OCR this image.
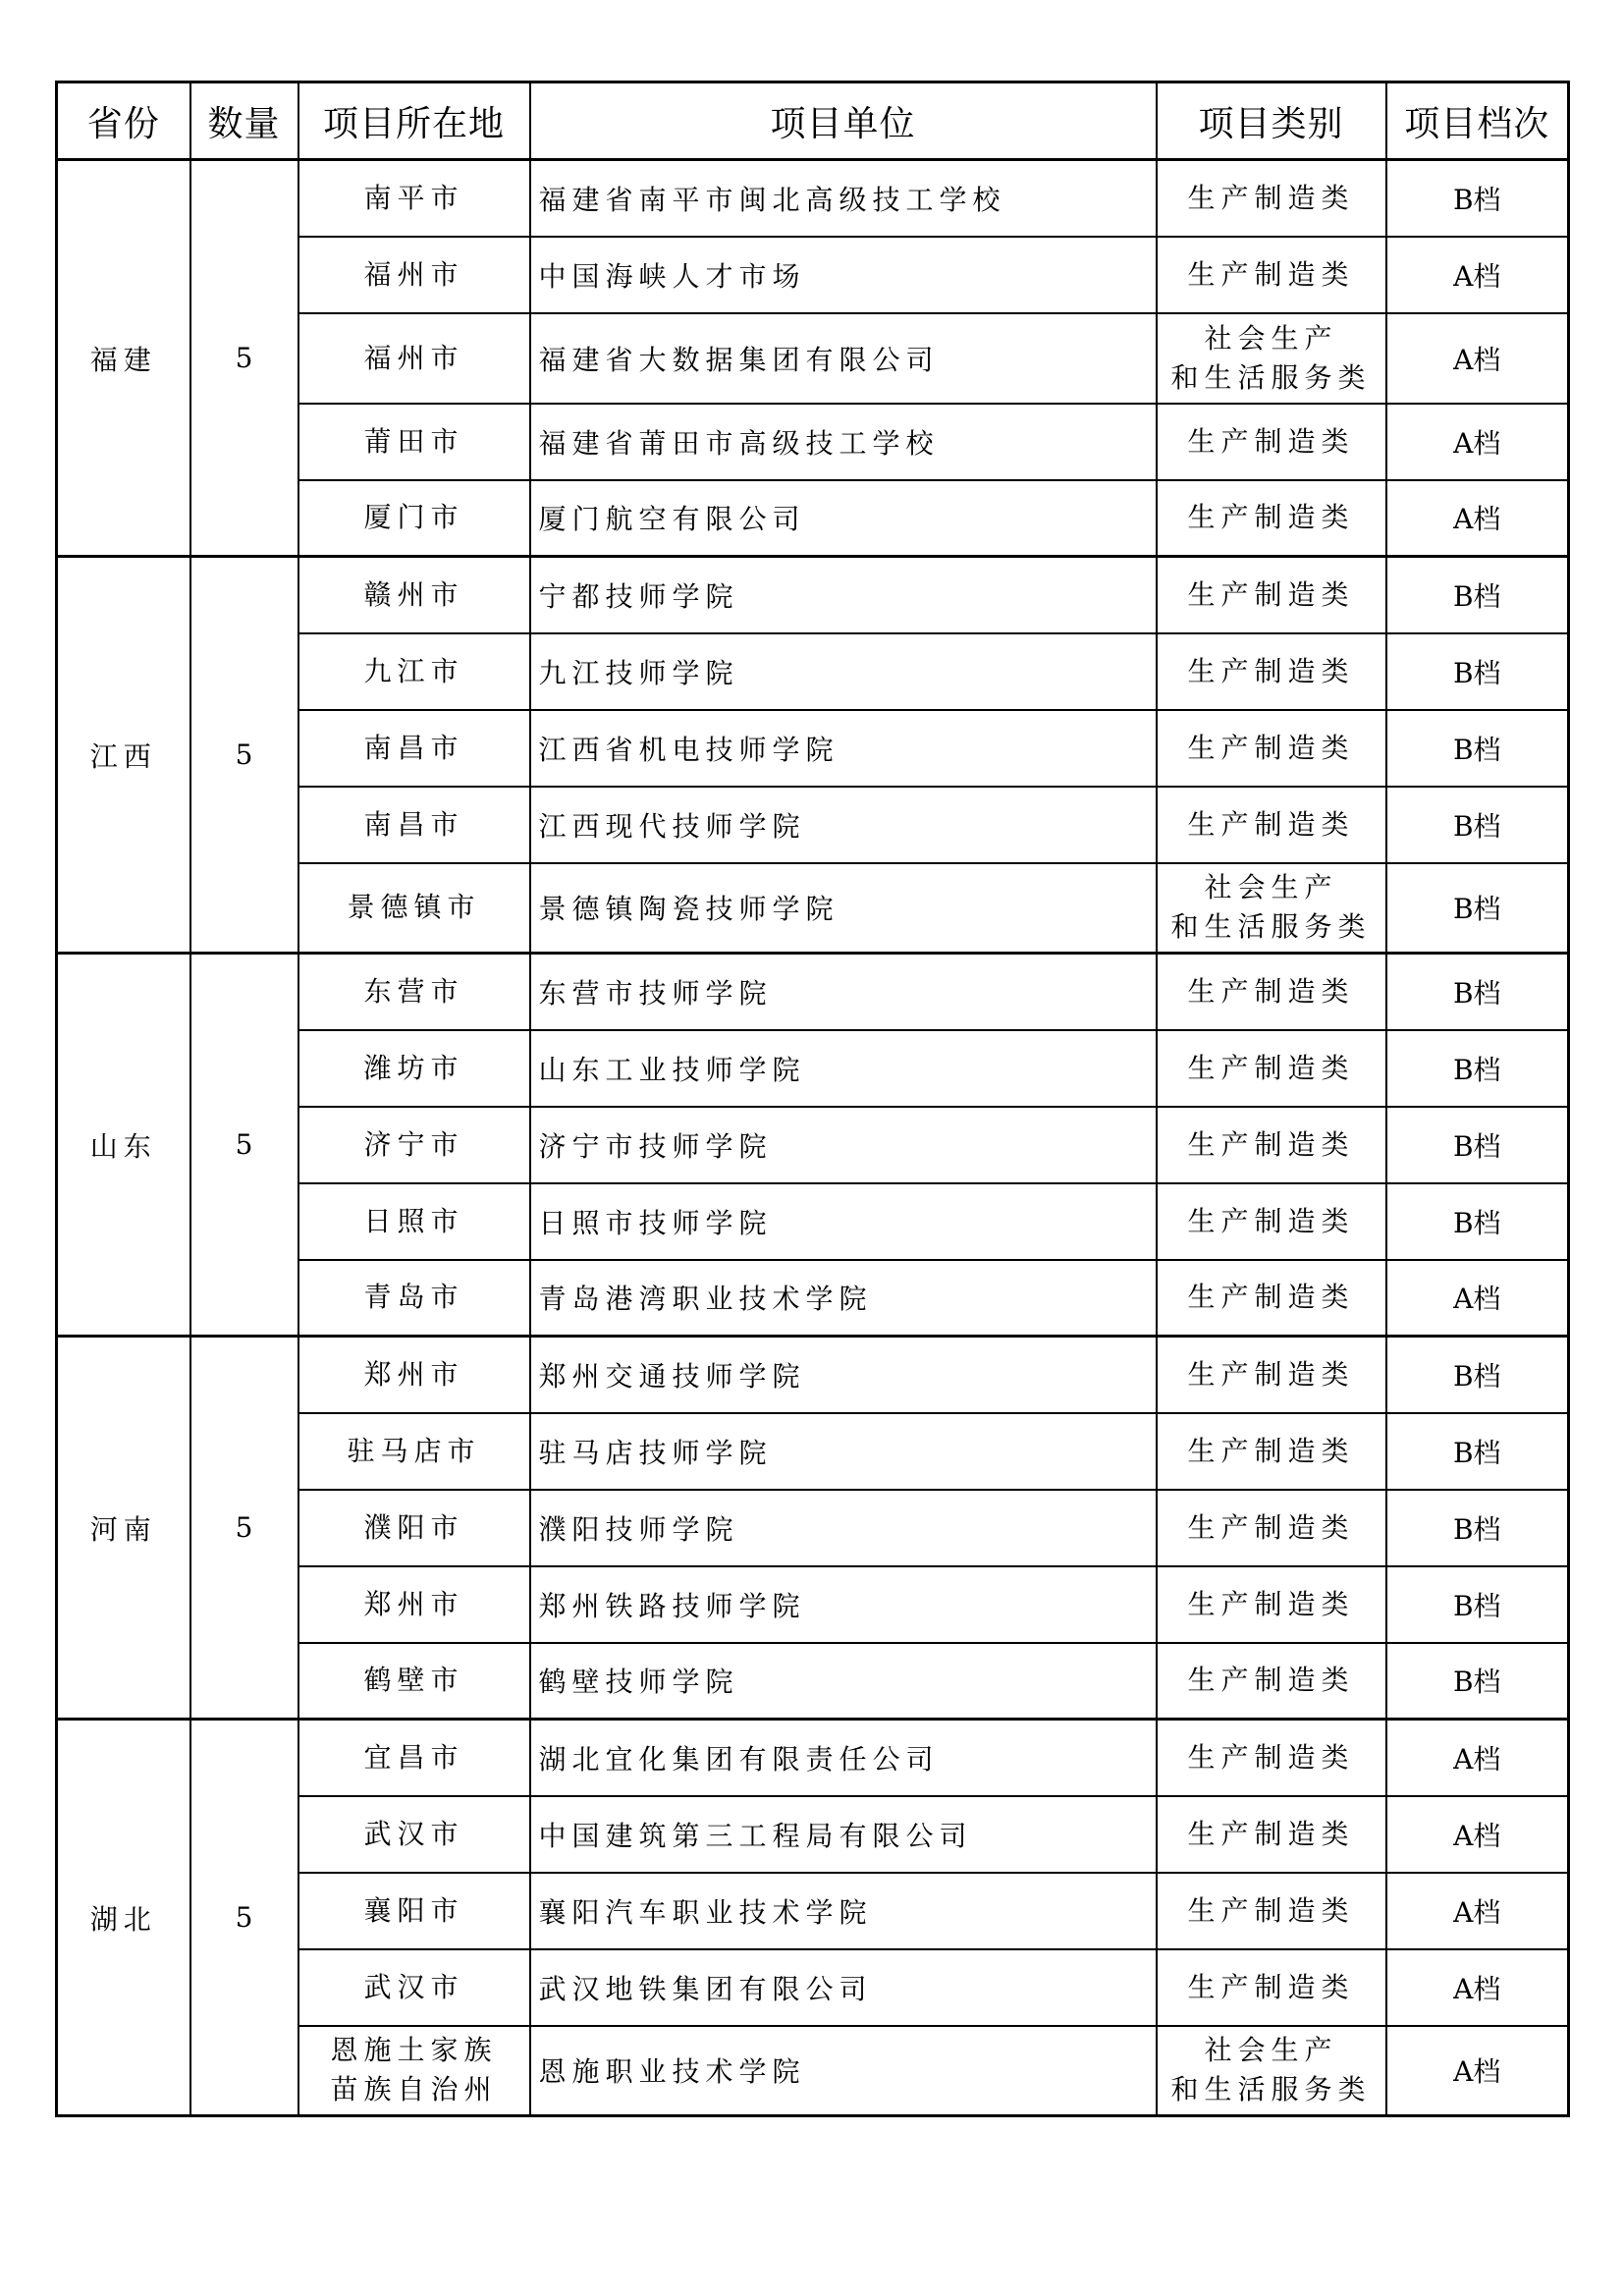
省份	数量	项目所在地	项目单位	项目类别	项目档次
福建	5	南平市	福建省南平市闽北高级技工学校	生产制造类	B档

		福州市	中国海峡人才市场	生产制造类	A档

		福州市	福建省大数据集团有限公司	社会生产
和生活服务类	A档

		莆田市	福建省莆田市高级技工学校	生产制造类	A档

		厦门市	厦门航空有限公司	生产制造类	A档
江西	5	赣州市	宁都技师学院	生产制造类	B档

		九江市	九江技师学院	生产制造类	B档

		南昌市	江西省机电技师学院	生产制造类	B档

		南昌市	江西现代技师学院	生产制造类	B档

		景德镇市	景德镇陶瓷技师学院	社会生产
和生活服务类	B档
山东	5	东营市	东营市技师学院	生产制造类	B档

		潍坊市	山东工业技师学院	生产制造类	B档

		济宁市	济宁市技师学院	生产制造类	B档

		日照市	日照市技师学院	生产制造类	B档

		青岛市	青岛港湾职业技术学院	生产制造类	A档
河南	5	郑州市	郑州交通技师学院	生产制造类	B档

		驻马店市	驻马店技师学院	生产制造类	B档

		濮阳市	濮阳技师学院	生产制造类	B档

		郑州市	郑州铁路技师学院	生产制造类	B档

		鹤壁市	鹤壁技师学院	生产制造类	B档
湖北	5	宜昌市	湖北宜化集团有限责任公司	生产制造类	A档

		武汉市	中国建筑第三工程局有限公司	生产制造类	A档

		襄阳市	襄阳汽车职业技术学院	生产制造类	A档

		武汉市	武汉地铁集团有限公司	生产制造类	A档

		恩施土家族
苗族自治州	恩施职业技术学院	社会生产
和生活服务类	A档
